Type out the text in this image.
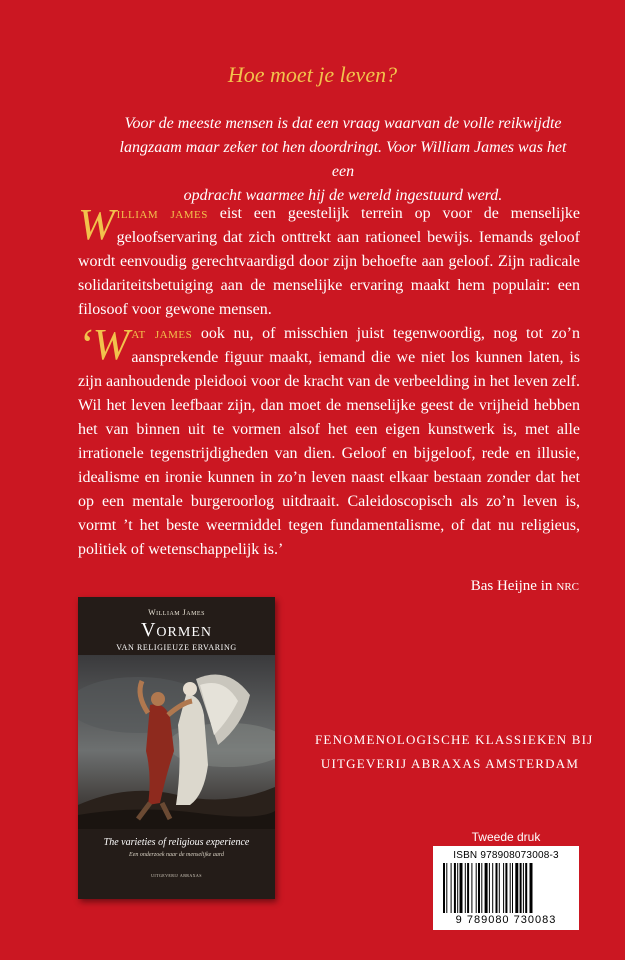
Hoe moet je leven?

Voor de meeste mensen is dat een vraag waarvan de volle reikwijdte

langzaam maar zeker tot hen doordringt. Voor William James was het een

opdracht waarmee hij de wereld ingestuurd werd.

William james eist een geestelijk terrein op voor de menselijke geloofservaring dat zich onttrekt aan rationeel bewijs. Iemands geloof wordt eenvoudig gerechtvaardigd door zijn behoefte aan geloof. Zijn radicale solidariteitsbetuiging aan de menselijke ervaring maakt hem populair: een filosoof voor gewone mensen.

‘W at james ook nu, of misschien juist tegenwoordig, nog tot zo’n aansprekende figuur maakt, iemand die we niet los kunnen laten, is zijn aanhoudende pleidooi voor de kracht van de verbeelding in het leven zelf. Wil het leven leefbaar zijn, dan moet de menselijke geest de vrijheid hebben het van binnen uit te vormen alsof het een eigen kunstwerk is, met alle irrationele tegenstrijdigheden van dien. Geloof en bijgeloof, rede en illusie, idealisme en ironie kunnen in zo’n leven naast elkaar bestaan zonder dat het op een mentale burgeroorlog uitdraait. Caleidoscopisch als zo’n leven is, vormt ’t het beste weermiddel tegen fundamentalisme, of dat nu religieus, politiek of wetenschappelijk is.’

Bas Heijne in nrc
William James
Vormen
VAN RELIGIEUZE ERVARING
The varieties of religious experience
Een onderzoek naar de menselijke aard
uitgeverij abraxas
FENOMENOLOGISCHE KLASSIEKEN BIJ
UITGEVERIJ ABRAXAS AMSTERDAM
Tweede druk
ISBN 978908073008-3
9 789080 730083
